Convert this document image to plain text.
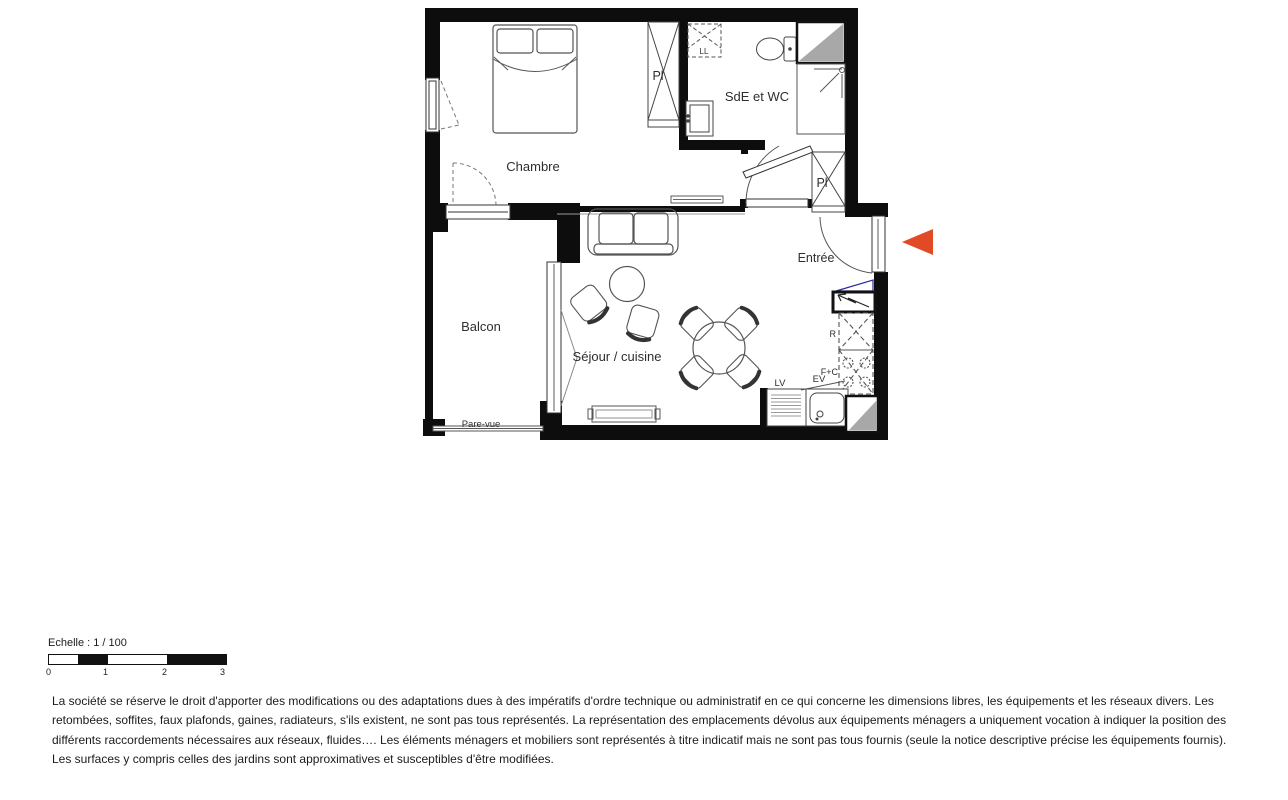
Chambre
SdE et WC
Séjour / cuisine
Balcon
Entrée
Pl
Pl
LL
LV	EV
F+C
R
Pare-vue
Echelle : 1 / 100
0	1	2	3

La société se réserve le droit d'apporter des modifications ou des adaptations dues à des impératifs d'ordre technique ou administratif en ce qui concerne les dimensions libres, les équipements et les réseaux divers. Les retombées, soffites, faux plafonds, gaines, radiateurs, s'ils existent, ne sont pas tous représentés. La représentation des emplacements dévolus aux équipements ménagers a uniquement vocation à indiquer la position des différents raccordements nécessaires aux réseaux, fluides…. Les éléments ménagers et mobiliers sont représentés à titre indicatif mais ne sont pas tous fournis (seule la notice descriptive précise les équipements fournis).

Les surfaces y compris celles des jardins sont approximatives et susceptibles d'être modifiées.
